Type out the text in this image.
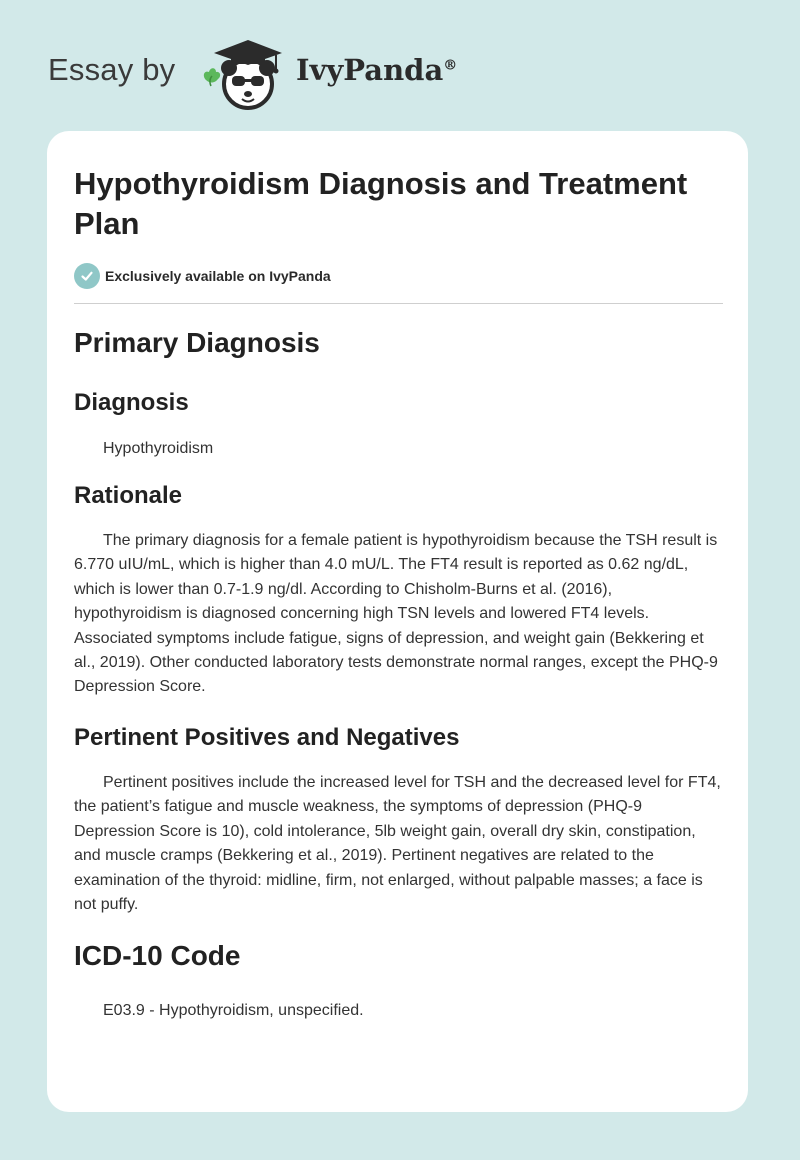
Essay by	IvyPanda®
Hypothyroidism Diagnosis and Treatment Plan
Exclusively available on IvyPanda
Primary Diagnosis
Diagnosis

Hypothyroidism

Rationale

The primary diagnosis for a female patient is hypothyroidism because the TSH result is 6.770 uIU/mL, which is higher than 4.0 mU/L. The FT4 result is reported as 0.62 ng/dL, which is lower than 0.7-1.9 ng/dl. According to Chisholm-Burns et al. (2016), hypothyroidism is diagnosed concerning high TSN levels and lowered FT4 levels. Associated symptoms include fatigue, signs of depression, and weight gain (Bekkering et al., 2019). Other conducted laboratory tests demonstrate normal ranges, except the PHQ-9 Depression Score.

Pertinent Positives and Negatives

Pertinent positives include the increased level for TSH and the decreased level for FT4, the patient’s fatigue and muscle weakness, the symptoms of depression (PHQ-9 Depression Score is 10), cold intolerance, 5lb weight gain, overall dry skin, constipation, and muscle cramps (Bekkering et al., 2019). Pertinent negatives are related to the examination of the thyroid: midline, firm, not enlarged, without palpable masses; a face is not puffy.

ICD-10 Code

E03.9 - Hypothyroidism, unspecified.
